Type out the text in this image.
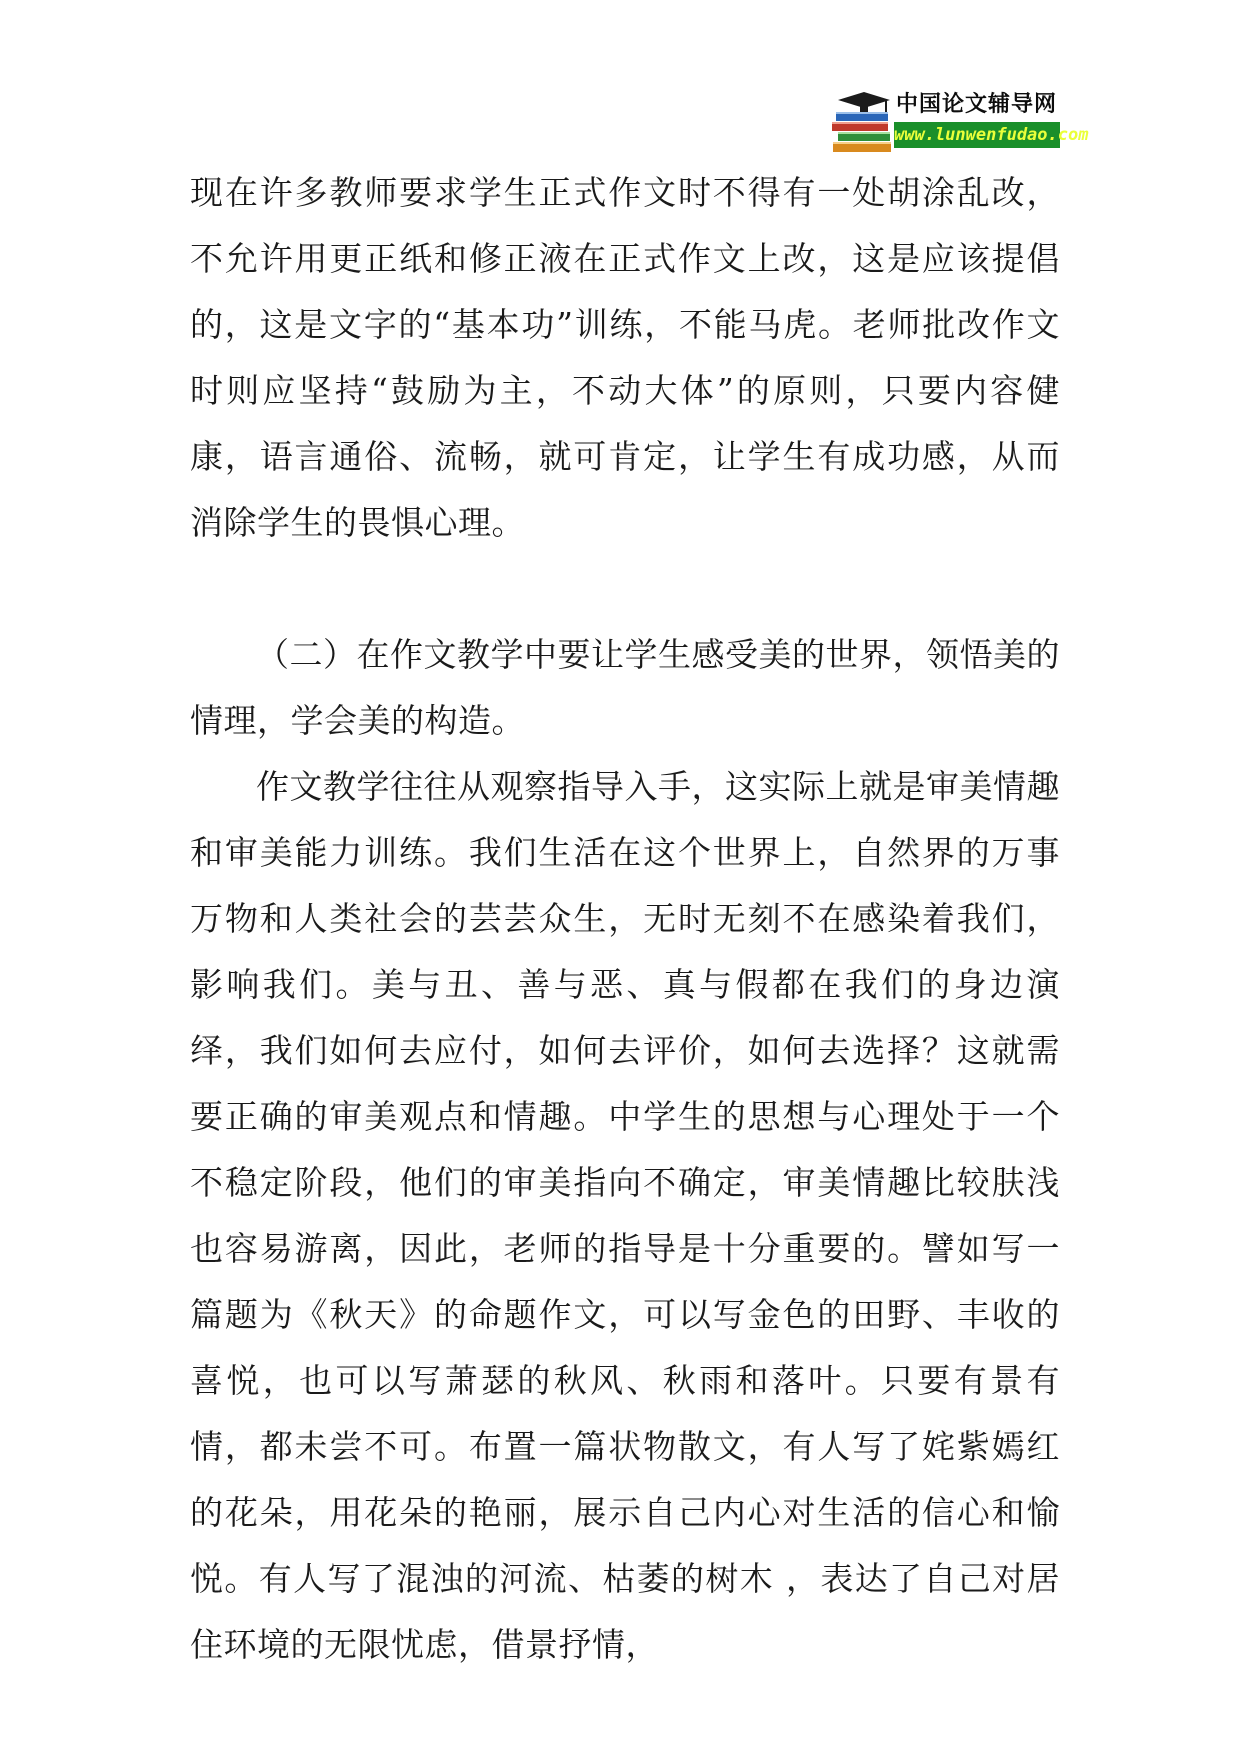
中国论文辅导网
www.lunwenfudao.com

现在许多教师要求学生正式作文时不得有一处胡涂乱改，不允许用更正纸和修正液在正式作文上改，这是应该提倡的，这是文字的“基本功”训练，不能马虎。老师批改作文时则应坚持“鼓励为主，不动大体”的原则，只要内容健康，语言通俗、流畅，就可肯定，让学生有成功感，从而消除学生的畏惧心理。

（二）在作文教学中要让学生感受美的世界，领悟美的情理，学会美的构造。

作文教学往往从观察指导入手，这实际上就是审美情趣和审美能力训练。我们生活在这个世界上，自然界的万事万物和人类社会的芸芸众生，无时无刻不在感染着我们，影响我们。美与丑、善与恶、真与假都在我们的身边演绎，我们如何去应付，如何去评价，如何去选择？这就需要正确的审美观点和情趣。中学生的思想与心理处于一个不稳定阶段，他们的审美指向不确定，审美情趣比较肤浅也容易游离，因此，老师的指导是十分重要的。譬如写一篇题为《秋天》的命题作文，可以写金色的田野、丰收的喜悦，也可以写萧瑟的秋风、秋雨和落叶。只要有景有情，都未尝不可。布置一篇状物散文，有人写了姹紫嫣红的花朵，用花朵的艳丽，展示自己内心对生活的信心和愉悦。有人写了混浊的河流、枯萎的树木 ，表达了自己对居住环境的无限忧虑，借景抒情，
